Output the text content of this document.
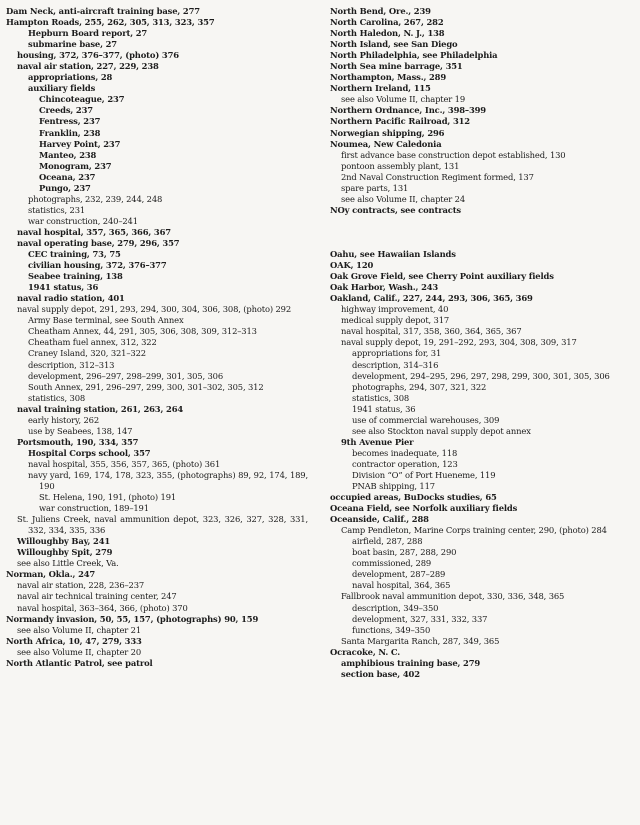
Dam Neck, anti-aircraft training base, 277
Hampton Roads, 255, 262, 305, 313, 323, 357
Hepburn Board report, 27
submarine base, 27
housing, 372, 376–377, (photo) 376
naval air station, 227, 229, 238
appropriations, 28
auxiliary fields
Chincoteague, 237
Creeds, 237
Fentress, 237
Franklin, 238
Harvey Point, 237
Manteo, 238
Monogram, 237
Oceana, 237
Pungo, 237
photographs, 232, 239, 244, 248
statistics, 231
war construction, 240–241
naval hospital, 357, 365, 366, 367
naval operating base, 279, 296, 357
CEC training, 73, 75
civilian housing, 372, 376–377
Seabee training, 138
1941 status, 36
naval radio station, 401
naval supply depot, 291, 293, 294, 300, 304, 306, 308, (photo) 292
Army Base terminal, see South Annex
Cheatham Annex, 44, 291, 305, 306, 308, 309, 312–313
Cheatham fuel annex, 312, 322
Craney Island, 320, 321–322
description, 312–313
development, 296–297, 298–299, 301, 305, 306
South Annex, 291, 296–297, 299, 300, 301–302, 305, 312
statistics, 308
naval training station, 261, 263, 264
early history, 262
use by Seabees, 138, 147
Portsmouth, 190, 334, 357
Hospital Corps school, 357
naval hospital, 355, 356, 357, 365, (photo) 361
navy yard, 169, 174, 178, 323, 355, (photographs) 89, 92, 174, 189, 190
St. Helena, 190, 191, (photo) 191
war construction, 189–191
St. Juliens Creek, naval ammunition depot, 323, 326, 327, 328, 331, 332, 334, 335, 336
Willoughby Bay, 241
Willoughby Spit, 279
see also Little Creek, Va.
Norman, Okla., 247
naval air station, 228, 236–237
naval air technical training center, 247
naval hospital, 363–364, 366, (photo) 370
Normandy invasion, 50, 55, 157, (photographs) 90, 159
see also Volume II, chapter 21
North Africa, 10, 47, 279, 333
see also Volume II, chapter 20
North Atlantic Patrol, see patrol
North Bend, Ore., 239
North Carolina, 267, 282
North Haledon, N. J., 138
North Island, see San Diego
North Philadelphia, see Philadelphia
North Sea mine barrage, 351
Northampton, Mass., 289
Northern Ireland, 115
see also Volume II, chapter 19
Northern Ordnance, Inc., 398–399
Northern Pacific Railroad, 312
Norwegian shipping, 296
Noumea, New Caledonia
first advance base construction depot established, 130
pontoon assembly plant, 131
2nd Naval Construction Regiment formed, 137
spare parts, 131
see also Volume II, chapter 24
NOy contracts, see contracts
Oahu, see Hawaiian Islands
OAK, 120
Oak Grove Field, see Cherry Point auxiliary fields
Oak Harbor, Wash., 243
Oakland, Calif., 227, 244, 293, 306, 365, 369
highway improvement, 40
medical supply depot, 317
naval hospital, 317, 358, 360, 364, 365, 367
naval supply depot, 19, 291–292, 293, 304, 308, 309, 317
appropriations for, 31
description, 314–316
development, 294–295, 296, 297, 298, 299, 300, 301, 305, 306
photographs, 294, 307, 321, 322
statistics, 308
1941 status, 36
use of commercial warehouses, 309
see also Stockton naval supply depot annex
9th Avenue Pier
becomes inadequate, 118
contractor operation, 123
Division “O” of Port Hueneme, 119
PNAB shipping, 117
occupied areas, BuDocks studies, 65
Oceana Field, see Norfolk auxiliary fields
Oceanside, Calif., 288
Camp Pendleton, Marine Corps training center, 290, (photo) 284
airfield, 287, 288
boat basin, 287, 288, 290
commissioned, 289
development, 287–289
naval hospital, 364, 365
Fallbrook naval ammunition depot, 330, 336, 348, 365
description, 349–350
development, 327, 331, 332, 337
functions, 349–350
Santa Margarita Ranch, 287, 349, 365
Ocracoke, N. C.
amphibious training base, 279
section base, 402
